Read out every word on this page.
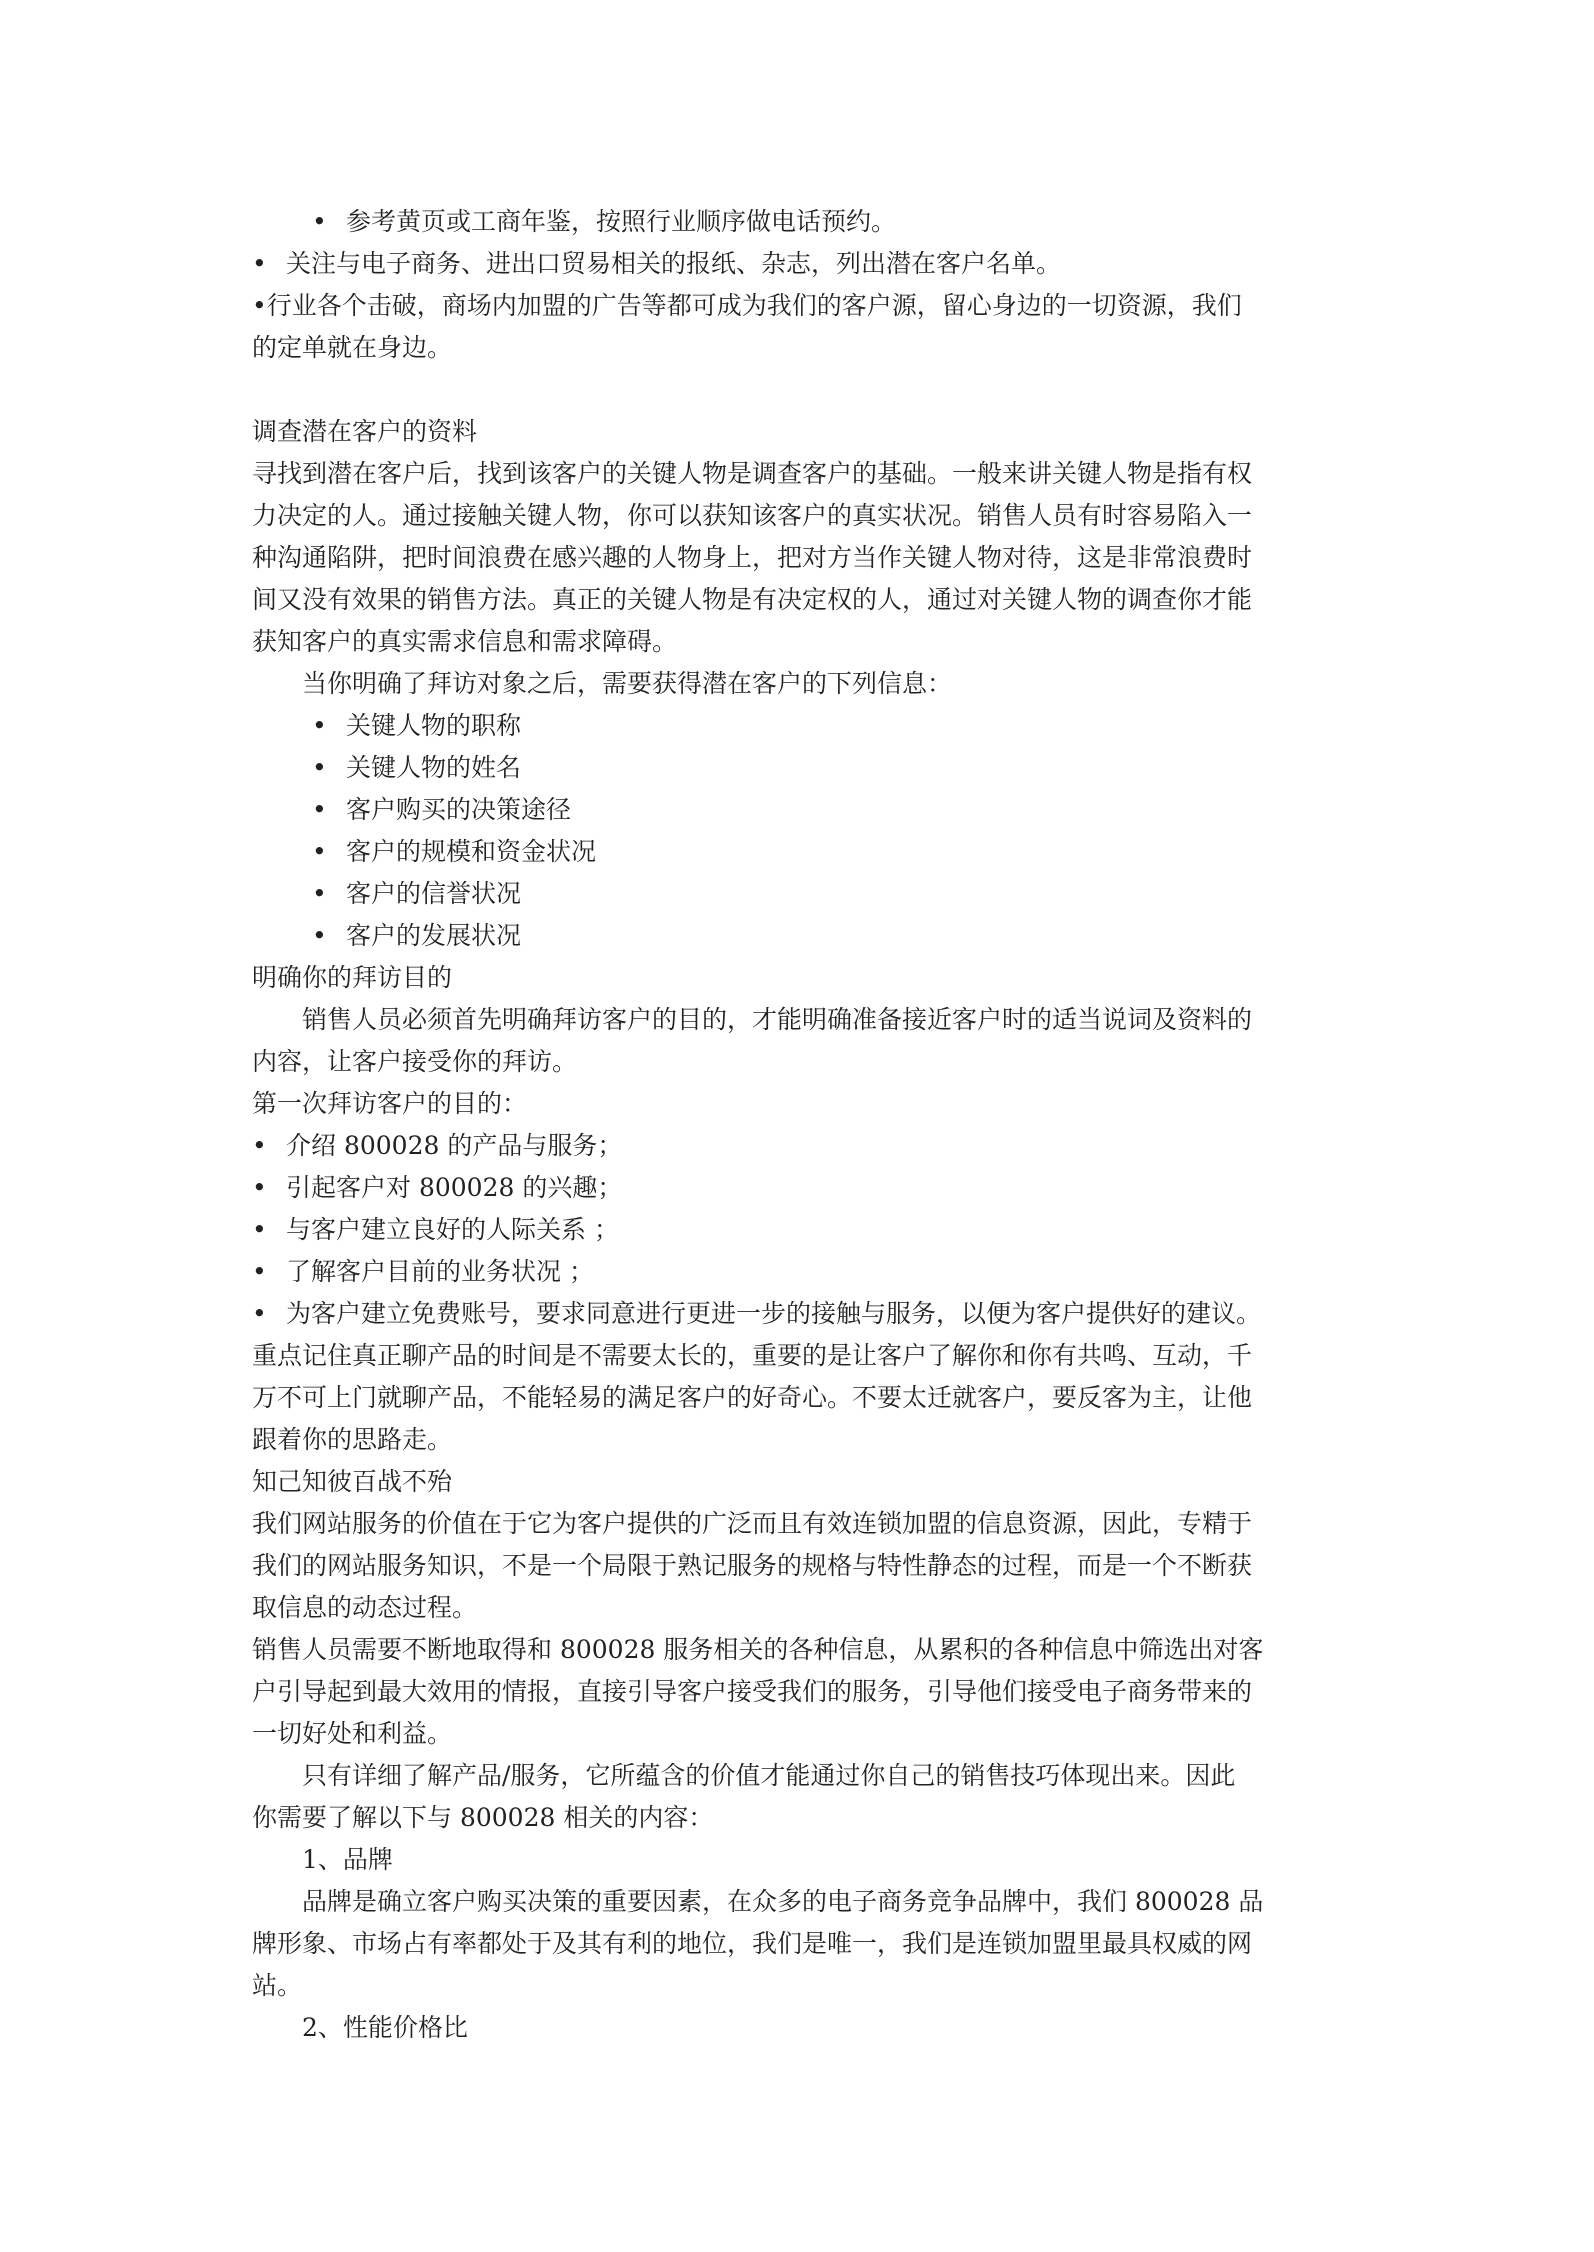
• 参考黄页或工商年鉴，按照行业顺序做电话预约。
• 关注与电子商务、进出口贸易相关的报纸、杂志，列出潜在客户名单。
•行业各个击破，商场内加盟的广告等都可成为我们的客户源，留心身边的一切资源，我们
的定单就在身边。
调查潜在客户的资料
寻找到潜在客户后，找到该客户的关键人物是调查客户的基础。一般来讲关键人物是指有权
力决定的人。通过接触关键人物，你可以获知该客户的真实状况。销售人员有时容易陷入一
种沟通陷阱，把时间浪费在感兴趣的人物身上，把对方当作关键人物对待，这是非常浪费时
间又没有效果的销售方法。真正的关键人物是有决定权的人，通过对关键人物的调查你才能
获知客户的真实需求信息和需求障碍。
当你明确了拜访对象之后，需要获得潜在客户的下列信息：
• 关键人物的职称
• 关键人物的姓名
• 客户购买的决策途径
• 客户的规模和资金状况
• 客户的信誉状况
• 客户的发展状况
明确你的拜访目的
销售人员必须首先明确拜访客户的目的，才能明确准备接近客户时的适当说词及资料的
内容，让客户接受你的拜访。
第一次拜访客户的目的：
• 介绍 800028 的产品与服务；
• 引起客户对 800028 的兴趣；
• 与客户建立良好的人际关系 ；
• 了解客户目前的业务状况 ；
• 为客户建立免费账号，要求同意进行更进一步的接触与服务，以便为客户提供好的建议。
重点记住真正聊产品的时间是不需要太长的，重要的是让客户了解你和你有共鸣、互动，千
万不可上门就聊产品，不能轻易的满足客户的好奇心。不要太迁就客户，要反客为主，让他
跟着你的思路走。
知己知彼百战不殆
我们网站服务的价值在于它为客户提供的广泛而且有效连锁加盟的信息资源，因此，专精于
我们的网站服务知识，不是一个局限于熟记服务的规格与特性静态的过程，而是一个不断获
取信息的动态过程。
销售人员需要不断地取得和 800028 服务相关的各种信息，从累积的各种信息中筛选出对客
户引导起到最大效用的情报，直接引导客户接受我们的服务，引导他们接受电子商务带来的
一切好处和利益。
只有详细了解产品/服务，它所蕴含的价值才能通过你自己的销售技巧体现出来。因此
你需要了解以下与 800028 相关的内容：
1、品牌
品牌是确立客户购买决策的重要因素，在众多的电子商务竞争品牌中，我们 800028 品
牌形象、市场占有率都处于及其有利的地位，我们是唯一，我们是连锁加盟里最具权威的网
站。
2、性能价格比
